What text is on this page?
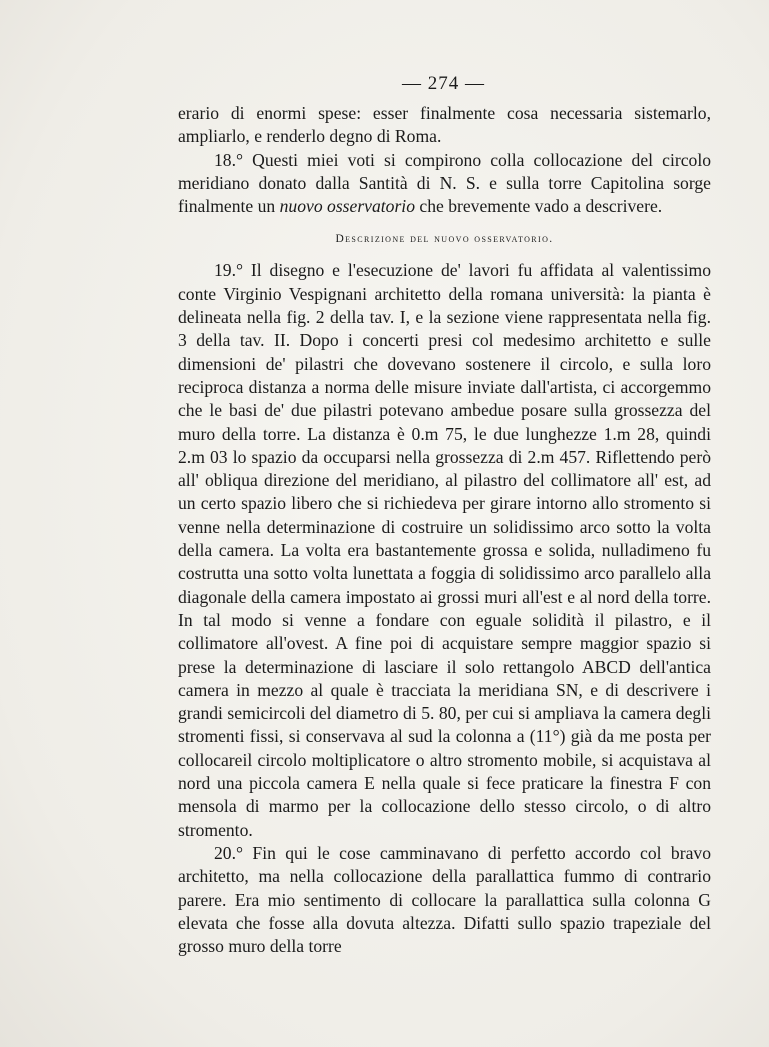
— 274 —

erario di enormi spese: esser finalmente cosa necessaria sistemarlo, ampliarlo, e renderlo degno di Roma.

18.° Questi miei voti si compirono colla collocazione del circolo meridiano donato dalla Santità di N. S. e sulla torre Capitolina sorge finalmente un nuovo osservatorio che brevemente vado a descrivere.

Descrizione del nuovo osservatorio.

19.° Il disegno e l'esecuzione de' lavori fu affidata al valentissimo conte Virginio Vespignani architetto della romana università: la pianta è delineata nella fig. 2 della tav. I, e la sezione viene rappresentata nella fig. 3 della tav. II. Dopo i concerti presi col medesimo architetto e sulle dimensioni de' pilastri che dovevano sostenere il circolo, e sulla loro reciproca distanza a norma delle misure inviate dall'artista, ci accorgemmo che le basi de' due pilastri potevano ambedue posare sulla grossezza del muro della torre. La distanza è 0.m 75, le due lunghezze 1.m 28, quindi 2.m 03 lo spazio da occuparsi nella grossezza di 2.m 457. Riflettendo però all' obliqua direzione del meridiano, al pilastro del collimatore all' est, ad un certo spazio libero che si richiedeva per girare intorno allo stromento si venne nella determinazione di costruire un solidissimo arco sotto la volta della camera. La volta era bastantemente grossa e solida, nulladimeno fu costrutta una sotto volta lunettata a foggia di solidissimo arco parallelo alla diagonale della camera impostato ai grossi muri all'est e al nord della torre. In tal modo si venne a fondare con eguale solidità il pilastro, e il collimatore all'ovest. A fine poi di acquistare sempre maggior spazio si prese la determinazione di lasciare il solo rettangolo ABCD dell'antica camera in mezzo al quale è tracciata la meridiana SN, e di descrivere i grandi semicircoli del diametro di 5. 80, per cui si ampliava la camera degli stromenti fissi, si conservava al sud la colonna a (11°) già da me posta per collocareil circolo moltiplicatore o altro stromento mobile, si acquistava al nord una piccola camera E nella quale si fece praticare la finestra F con mensola di marmo per la collocazione dello stesso circolo, o di altro stromento.

20.° Fin qui le cose camminavano di perfetto accordo col bravo architetto, ma nella collocazione della parallattica fummo di contrario parere. Era mio sentimento di collocare la parallattica sulla colonna G elevata che fosse alla dovuta altezza. Difatti sullo spazio trapeziale del grosso muro della torre
